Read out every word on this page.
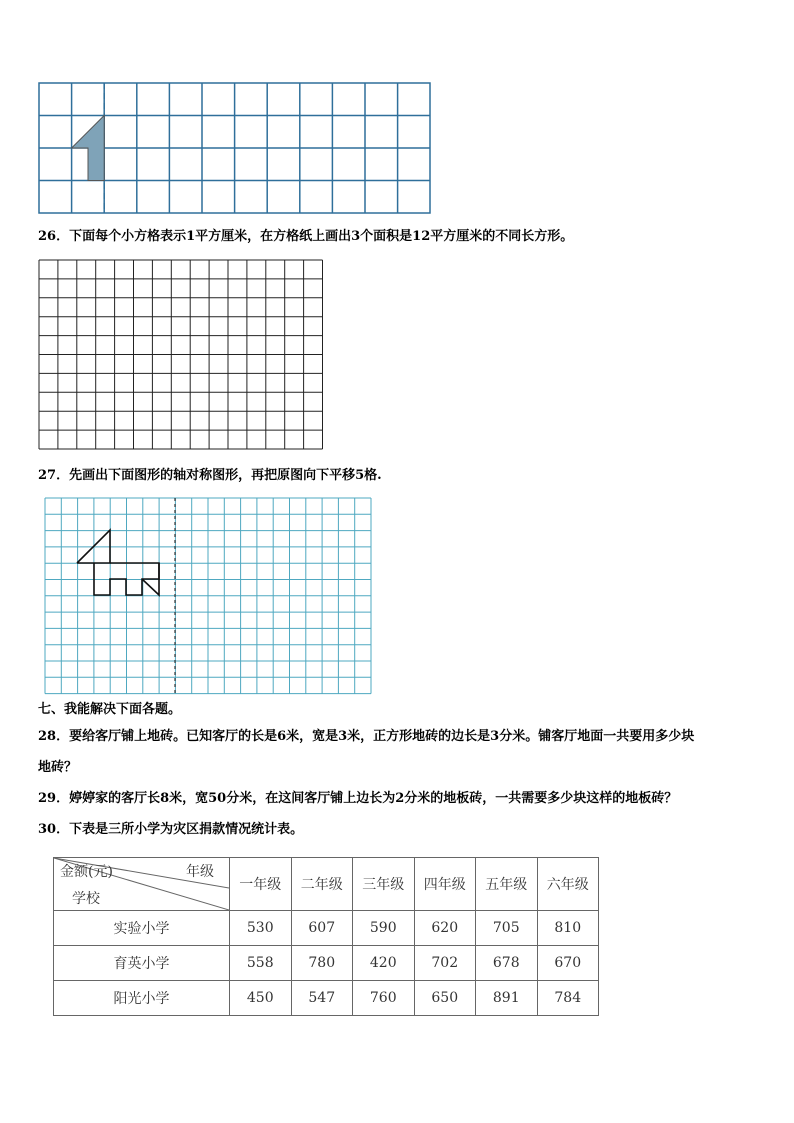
26．下面每个小方格表示1平方厘米，在方格纸上画出3个面积是12平方厘米的不同长方形。
27．先画出下面图形的轴对称图形，再把原图向下平移5格.
七、我能解决下面各题。
28．要给客厅铺上地砖。已知客厅的长是6米，宽是3米，正方形地砖的边长是3分米。铺客厅地面一共要用多少块
地砖？
29．婷婷家的客厅长8米，宽50分米，在这间客厅铺上边长为2分米的地板砖，一共需要多少块这样的地板砖？
30．下表是三所小学为灾区捐款情况统计表。
金额(元) 年级
学校	一年级	二年级	三年级	四年级	五年级	六年级
实验小学	530	607	590	620	705	810
育英小学	558	780	420	702	678	670
阳光小学	450	547	760	650	891	784
